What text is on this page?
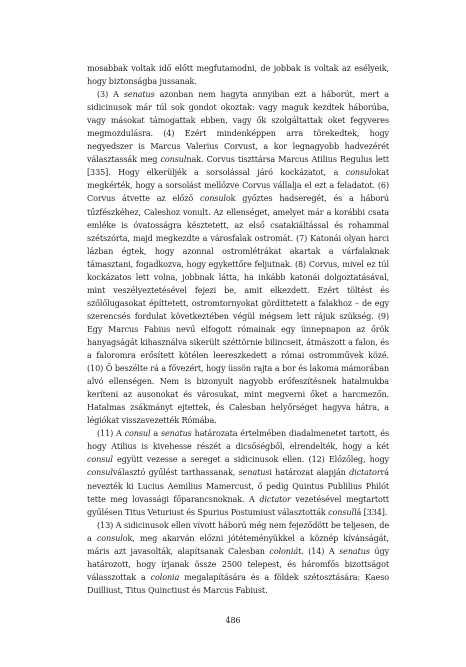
mosabbak voltak idő előtt megfutamodni, de jobbak is voltak az esélyeik, hogy biztonságba jussanak.

(3) A senatus azonban nem hagyta annyiban ezt a háborút, mert a sidicinusok már túl sok gondot okoztak: vagy maguk kezdtek háborúba, vagy másokat támogattak ebben, vagy ők szolgáltattak oket fegyveres megmozdulásra. (4) Ezért mindenképpen arra törekedtek, hogy negyedszer is Marcus Valerius Corvust, a kor legnagyobb hadvezérét választassák meg consulnak. Corvus tiszttársa Marcus Atilius Regulus lett [335]. Hogy elkerüljék a sorsolással járó kockázatot, a consulokat megkérték, hogy a sorsolást mellőzve Corvus vállalja el ezt a feladatot. (6) Corvus átvette az előző consulok győztes hadseregét, és a háború tűzfészkéhez, Caleshoz vonult. Az ellenséget, amelyet már a korábbi csata emléke is óvatosságra késztetett, az első csatakiáltással és rohammal szétszórta, majd megkezdte a városfalak ostromát. (7) Katonái olyan harci lázban égtek, hogy azonnal ostromlétrákat akartak a várfalaknak támasztani, fogadkozva, hogy egykettőre feljutnak. (8) Corvus, mivel ez túl kockázatos lett volna, jobbnak látta, ha inkább katonái dolgoztatásával, mint veszélyeztetésével fejezi be, amit elkezdett. Ezért töltést és szőlőlugasokat építtetett, ostromtornyokat gördíttetett a falakhoz – de egy szerencsés fordulat következtében végül mégsem lett rájuk szükség. (9) Egy Marcus Fabius nevű elfogott rómainak egy ünnepnapon az őrök hanyagságát kihasználva sikerült széttörnie bilincseit, átmászott a falon, és a faloromra erősített kötélen leereszkedett a római ostromművek közé. (10) Ő beszélte rá a fővezért, hogy üssön rajta a bor és lakoma mámorában alvó ellenségen. Nem is bizonyult nagyobb erőfeszítésnek hatalmukba keríteni az ausonokat és városukat, mint megverni őket a harcmezőn. Hatalmas zsákmányt ejtettek, és Calesban helyőrséget hagyva hátra, a légiókat visszavezették Rómába.

(11) A consul a senatus határozata értelmében diadalmenetet tartott, és hogy Atilius is kivehesse részét a dicsőségből, elrendelték, hogy a két consul együtt vezesse a sereget a sidicinusok ellen. (12) Előzőleg, hogy consulválasztó gyűlést tarthassanak, senatusi határozat alapján dictatorrá nevezték ki Lucius Aemilius Mamercust, ő pedig Quintus Publilius Philót tette meg lovassági főparancsnoknak. A dictator vezetésével megtartott gyűlésen Titus Veturiust és Spurius Postumiust választották consullá [334].

(13) A sidicinusok ellen vívott háború még nem fejeződött be teljesen, de a consulok, meg akarván előzni jótéteményükkel a köznép kívánságát, máris azt javasolták, alapítsanak Calesban coloniát. (14) A senatus úgy határozott, hogy írjanak össze 2500 telepest, és háromfős bizottságot válasszottak a colonia megalapítására és a földek szétosztására: Kaeso Duilliust, Titus Quinctiust és Marcus Fabiust.

486
